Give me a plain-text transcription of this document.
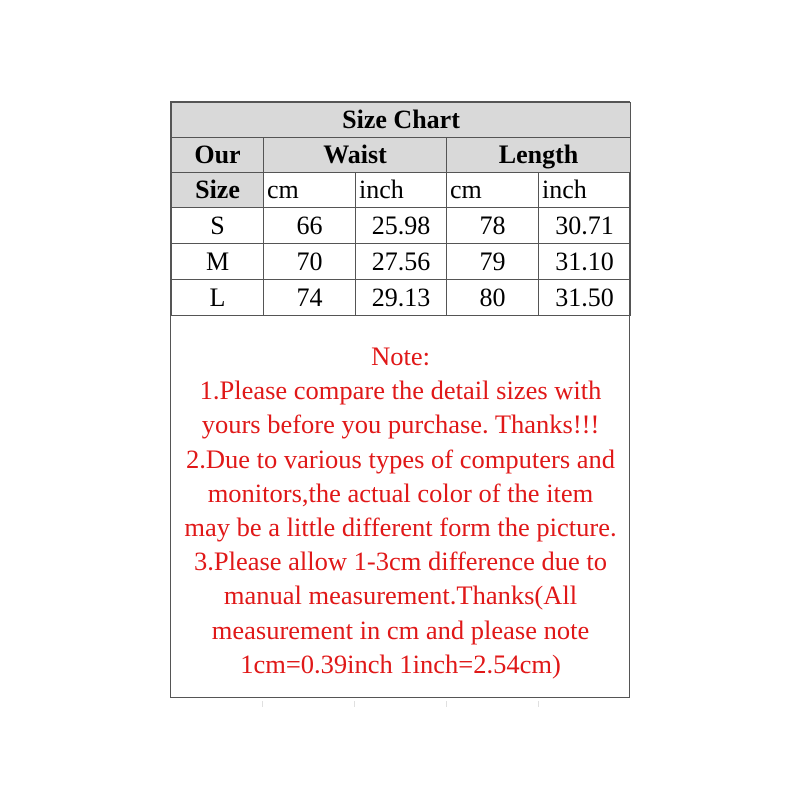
Size Chart				
Our	Waist		Length	
Size	cm	inch	cm	inch
S	66	25.98	78	30.71
M	70	27.56	79	31.10
L	74	29.13	80	31.50
Note:
1.Please compare the detail sizes with
yours before you purchase. Thanks!!!
2.Due to various types of computers and
monitors,the actual color of the item
may be a little different form the picture.
3.Please allow 1-3cm difference due to
manual measurement.Thanks(All
measurement in cm and please note
1cm=0.39inch 1inch=2.54cm)
